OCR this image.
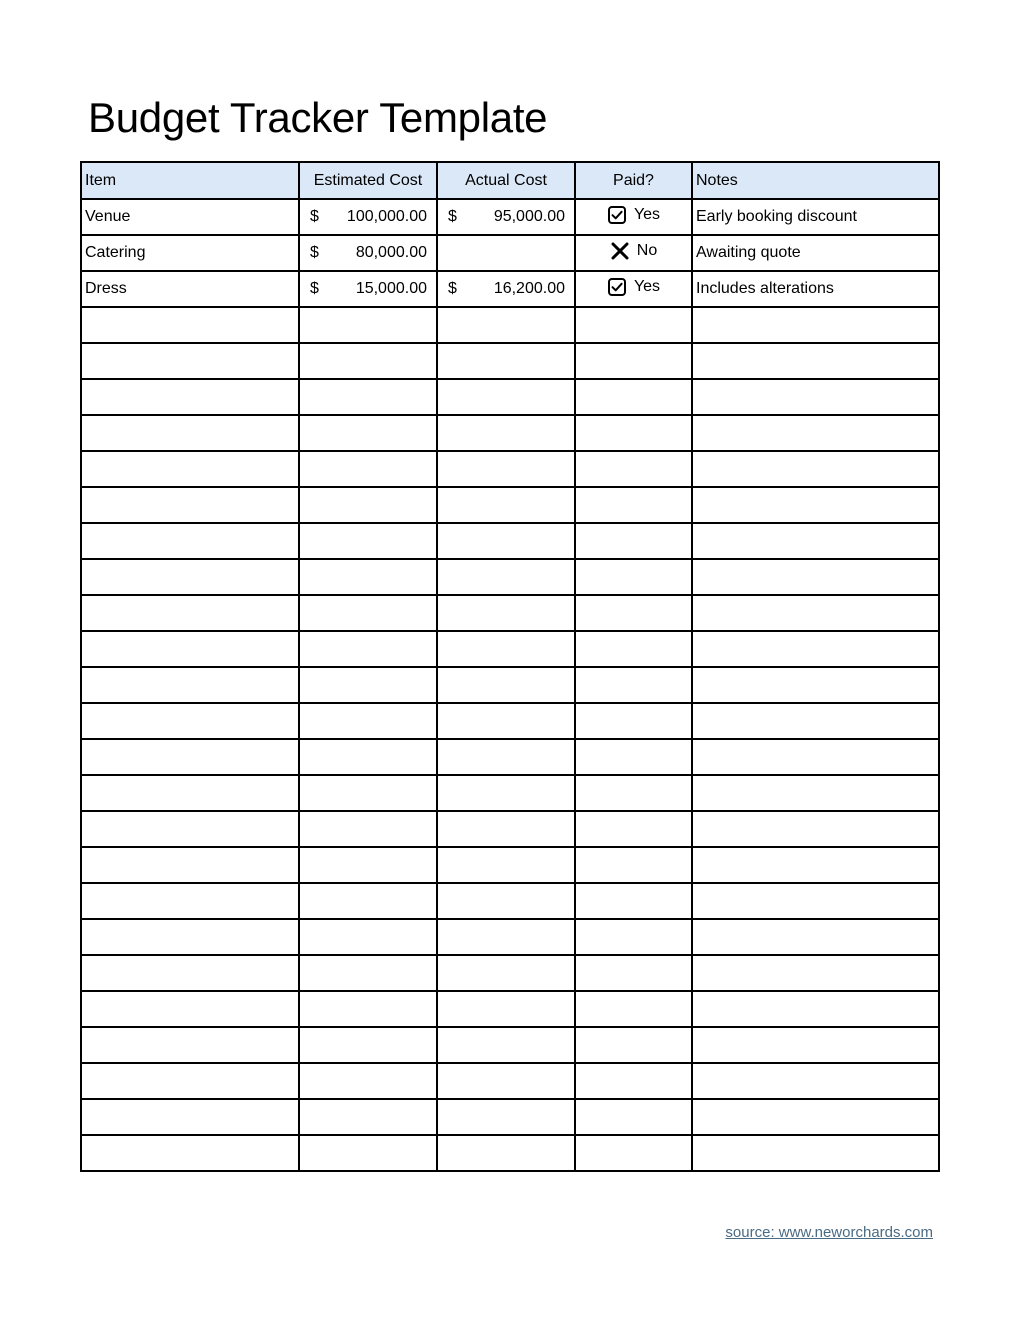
Budget Tracker Template
Item	Estimated Cost	Actual Cost	Paid?	Notes
Venue	$ 100,000.00	$ 95,000.00	Yes	Early booking discount
Catering	$ 80,000.00		No	Awaiting quote
Dress	$ 15,000.00	$ 16,200.00	Yes	Includes alterations

source: www.neworchards.com
